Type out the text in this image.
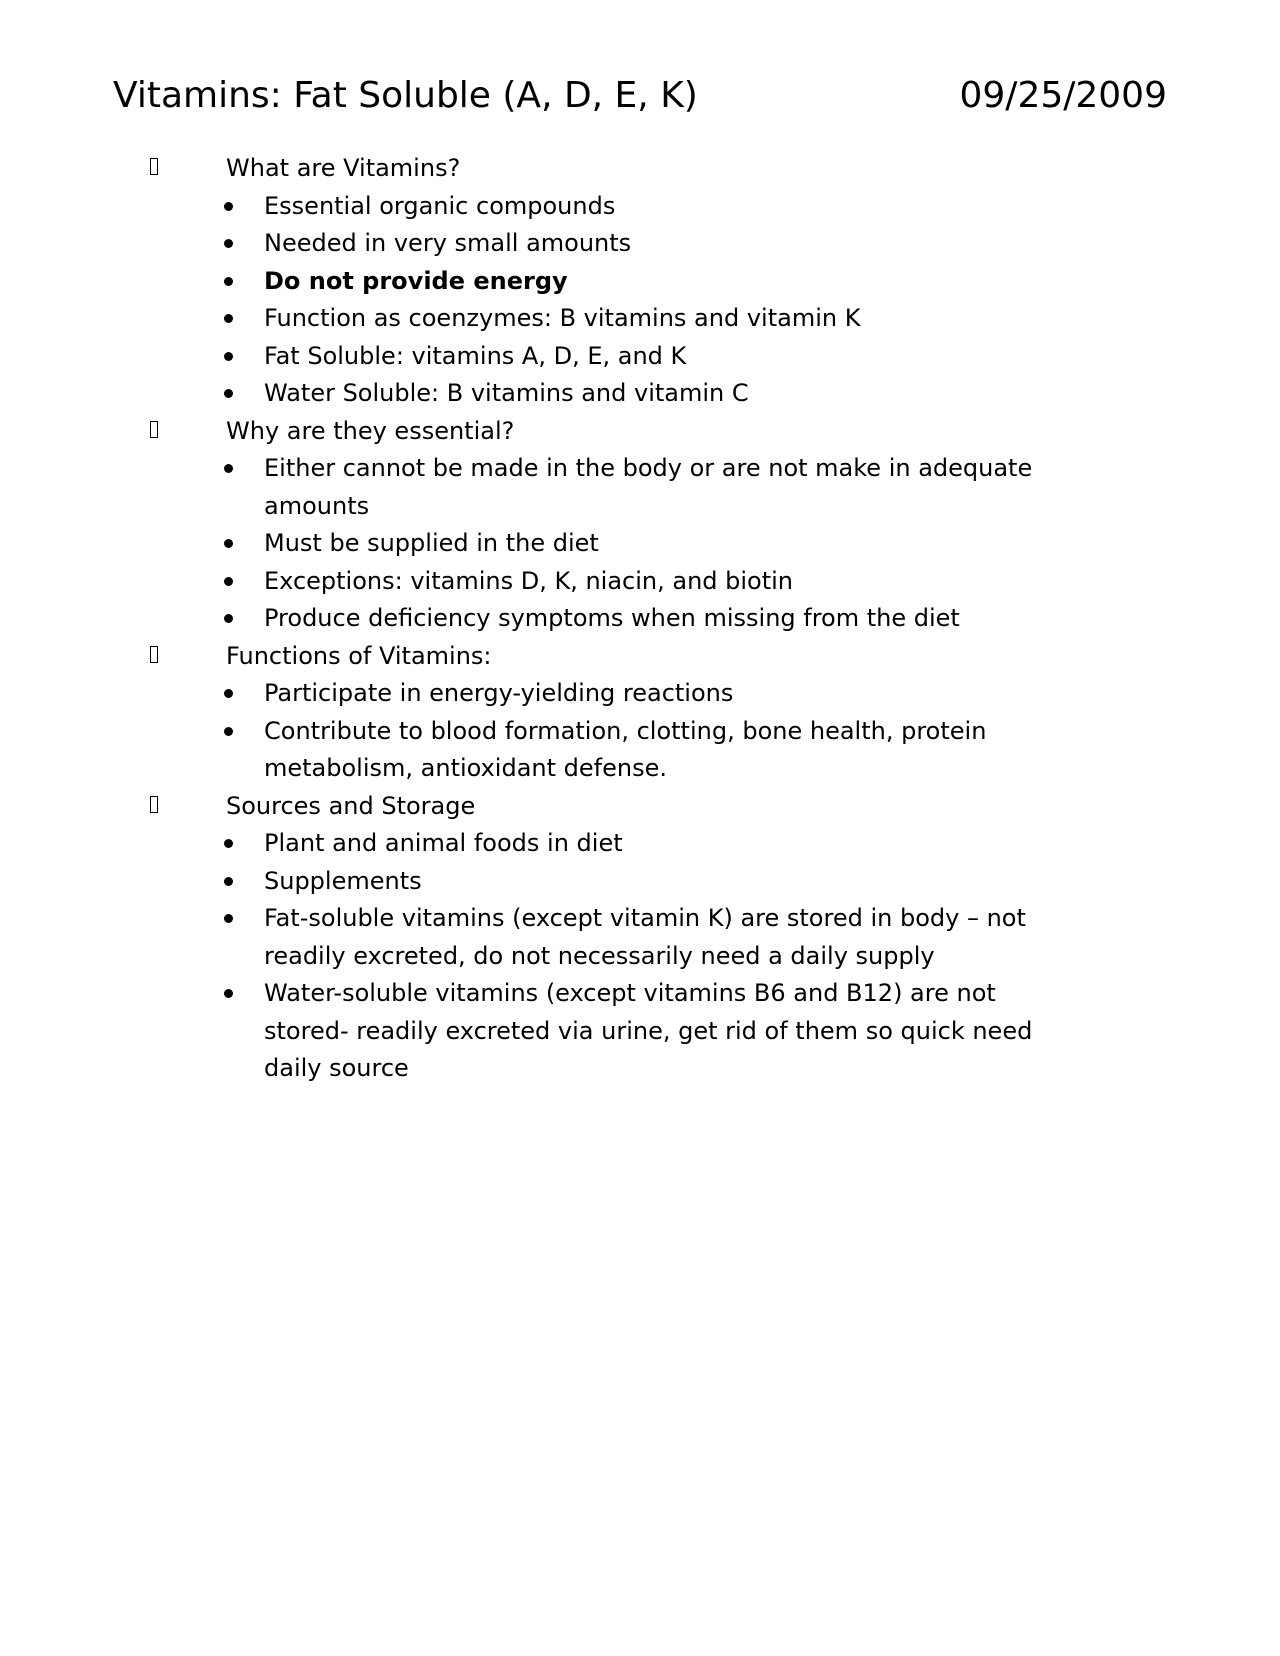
Vitamins: Fat Soluble (A, D, E, K)	09/25/2009
What are Vitamins?
Essential organic compounds
Needed in very small amounts
Do not provide energy
Function as coenzymes: B vitamins and vitamin K
Fat Soluble: vitamins A, D, E, and K
Water Soluble: B vitamins and vitamin C
Why are they essential?
Either cannot be made in the body or are not make in adequate amounts
Must be supplied in the diet
Exceptions: vitamins D, K, niacin, and biotin
Produce deficiency symptoms when missing from the diet
Functions of Vitamins:
Participate in energy-yielding reactions
Contribute to blood formation, clotting, bone health, protein metabolism, antioxidant defense.
Sources and Storage
Plant and animal foods in diet
Supplements
Fat-soluble vitamins (except vitamin K) are stored in body – not readily excreted, do not necessarily need a daily supply
Water-soluble vitamins (except vitamins B6 and B12) are not stored- readily excreted via urine, get rid of them so quick need daily source
